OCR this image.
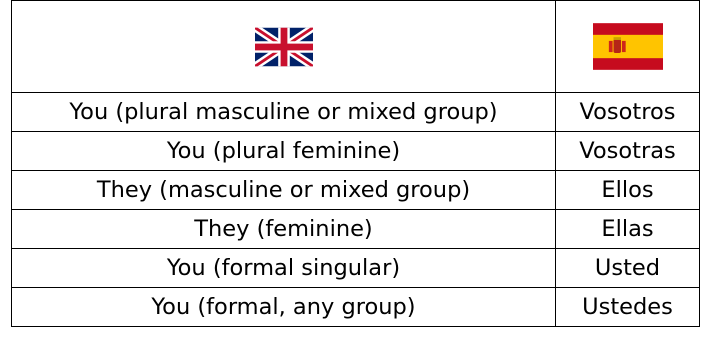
You (plural masculine or mixed group)	Vosotros
You (plural feminine)	Vosotras
They (masculine or mixed group)	Ellos
They (feminine)	Ellas
You (formal singular)	Usted
You (formal, any group)	Ustedes
